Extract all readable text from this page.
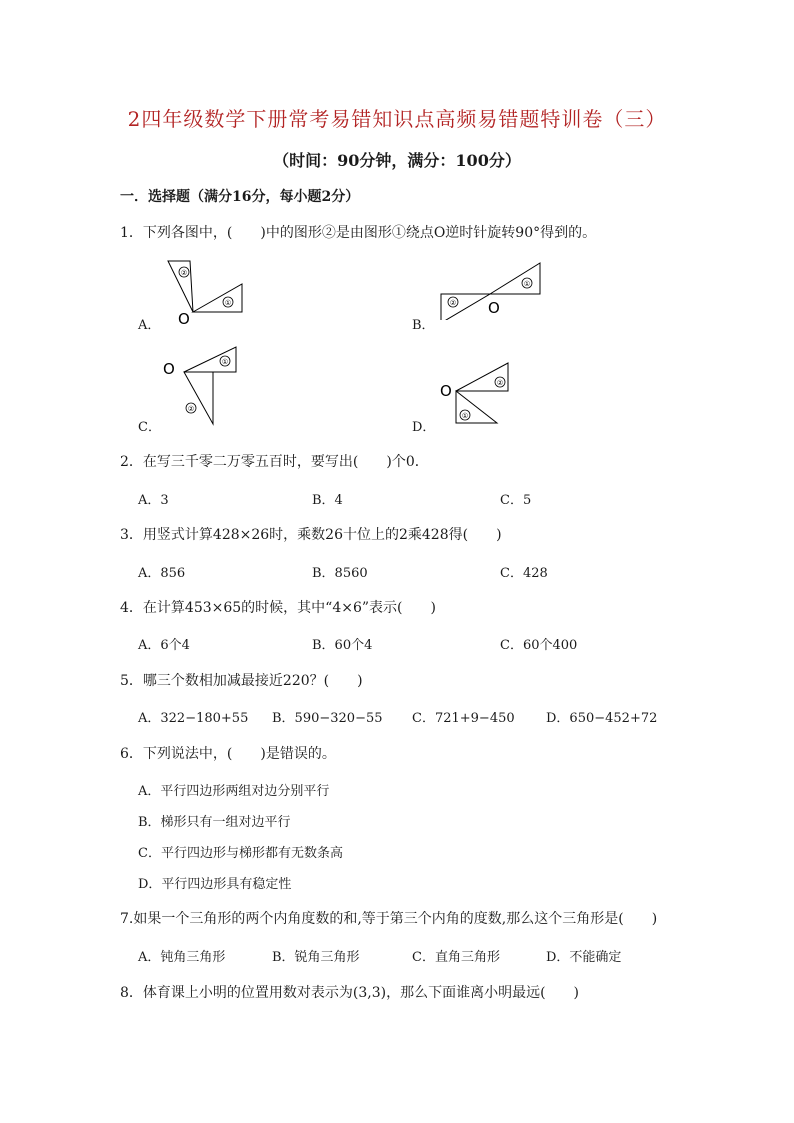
2四年级数学下册常考易错知识点高频易错题特训卷（三）
（时间：90分钟，满分：100分）
一．选择题（满分16分，每小题2分）
1．下列各图中，(　　)中的图形②是由图形①绕点O逆时针旋转90°得到的。
A．
②
①
O	B．
①
② O
C．
①
②
O
D．
②
①
O
2．在写三千零二万零五百时，要写出(　　)个0．
A．3	B．4	C．5
3．用竖式计算428×26时，乘数26十位上的2乘428得(　　)
A．856	B．8560	C．428
4．在计算453×65的时候，其中“4×6”表示(　　)
A．6个4	B．60个4	C．60个400
5．哪三个数相加减最接近220？(　　)
A．322−180+55 B．590−320−55 C．721+9−450 D．650−452+72
6．下列说法中，(　　)是错误的。
A．平行四边形两组对边分别平行
B．梯形只有一组对边平行
C．平行四边形与梯形都有无数条高
D．平行四边形具有稳定性
7.如果一个三角形的两个内角度数的和,等于第三个内角的度数,那么这个三角形是(　　)
A．钝角三角形	B．锐角三角形	C．直角三角形	D．不能确定
8．体育课上小明的位置用数对表示为(3,3)，那么下面谁离小明最远(　　)
